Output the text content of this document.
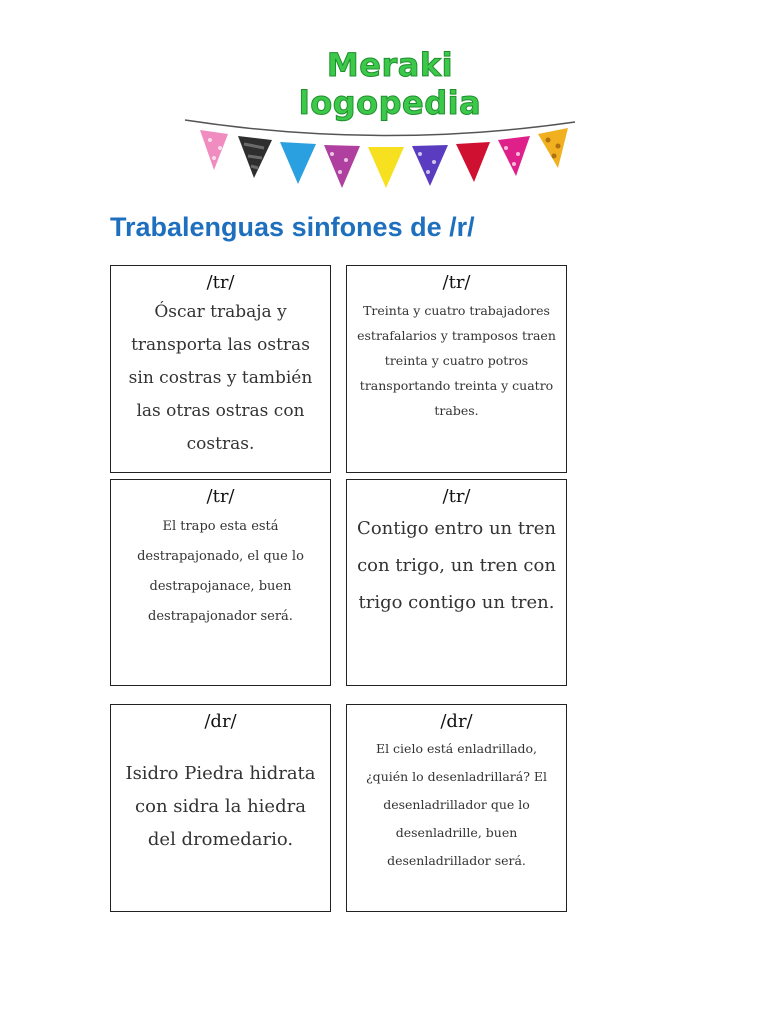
Meraki logopedia
Trabalenguas sinfones de /r/
/tr/
Óscar trabaja y transporta las ostras sin costras y también las otras ostras con costras.
/tr/
Treinta y cuatro trabajadores estrafalarios y tramposos traen treinta y cuatro potros transportando treinta y cuatro trabes.
/tr/
El trapo esta está destrapajonado, el que lo destrapojanace, buen destrapajonador será.
/tr/
Contigo entro un tren con trigo, un tren con trigo contigo un tren.
/dr/
Isidro Piedra hidrata con sidra la hiedra del dromedario.
/dr/
El cielo está enladrillado, ¿quién lo desenladrillará? El desenladrillador que lo desenladrille, buen desenladrillador será.
